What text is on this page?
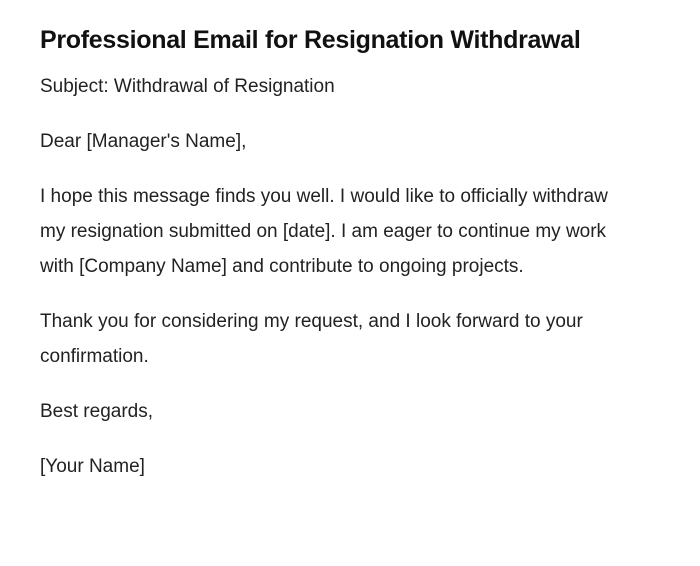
Professional Email for Resignation Withdrawal

Subject: Withdrawal of Resignation

Dear [Manager's Name],

I hope this message finds you well. I would like to officially withdraw my resignation submitted on [date]. I am eager to continue my work with [Company Name] and contribute to ongoing projects.

Thank you for considering my request, and I look forward to your confirmation.

Best regards,

[Your Name]
